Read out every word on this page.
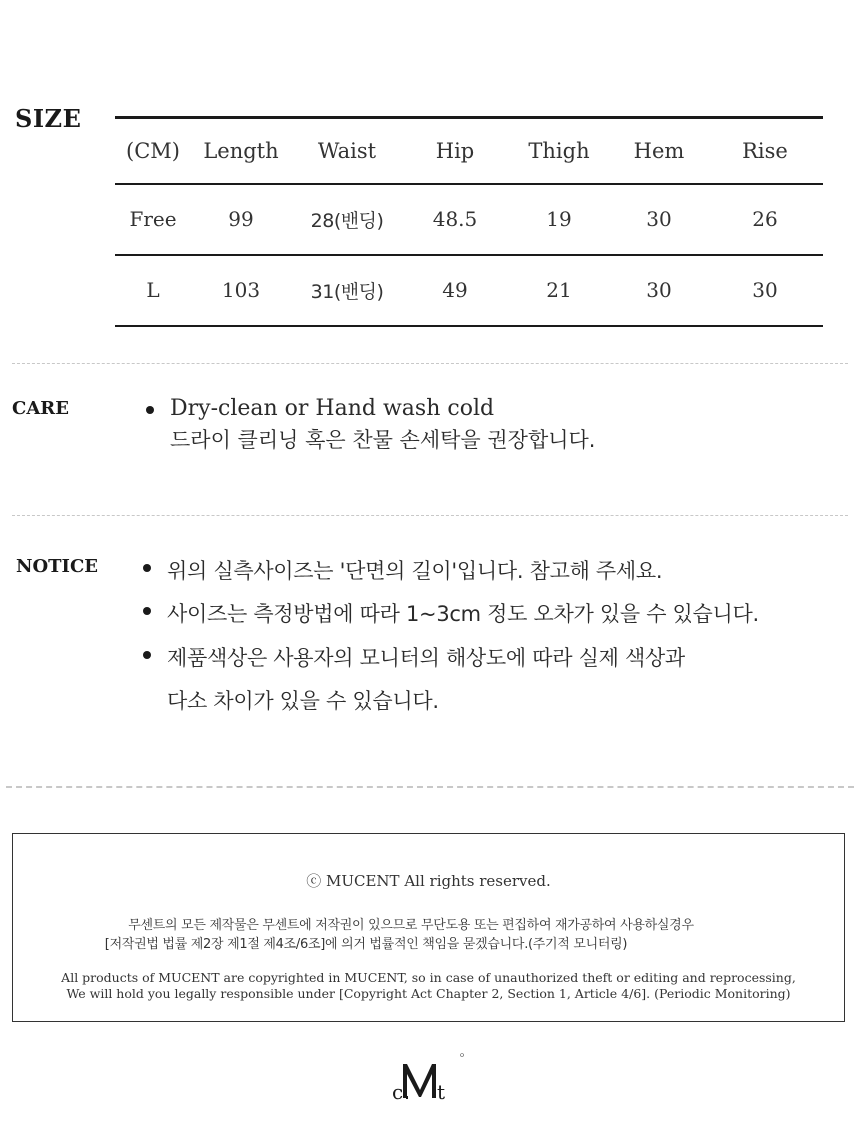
SIZE
(CM)	Length	Waist	Hip	Thigh	Hem	Rise
Free	99	28(밴딩)	48.5	19	30	26
L	103	31(밴딩)	49	21	30	30
CARE	Dry-clean or Hand wash cold
드라이 클리닝 혹은 찬물 손세탁을 권장합니다.
NOTICE	위의 실측사이즈는 '단면의 길이'입니다. 참고해 주세요.
사이즈는 측정방법에 따라 1~3cm 정도 오차가 있을 수 있습니다.
제품색상은 사용자의 모니터의 해상도에 따라 실제 색상과
다소 차이가 있을 수 있습니다.
ⓒ MUCENT All rights reserved.
무센트의 모든 제작물은 무센트에 저작권이 있으므로 무단도용 또는 편집하여 재가공하여 사용하실경우
[저작권법 법률 제2장 제1절 제4조/6조]에 의거 법률적인 책임을 묻겠습니다.(주기적 모니터링)
All products of MUCENT are copyrighted in MUCENT, so in case of unauthorized theft or editing and reprocessing,
We will hold you legally responsible under [Copyright Act Chapter 2, Section 1, Article 4/6]. (Periodic Monitoring)
c t
